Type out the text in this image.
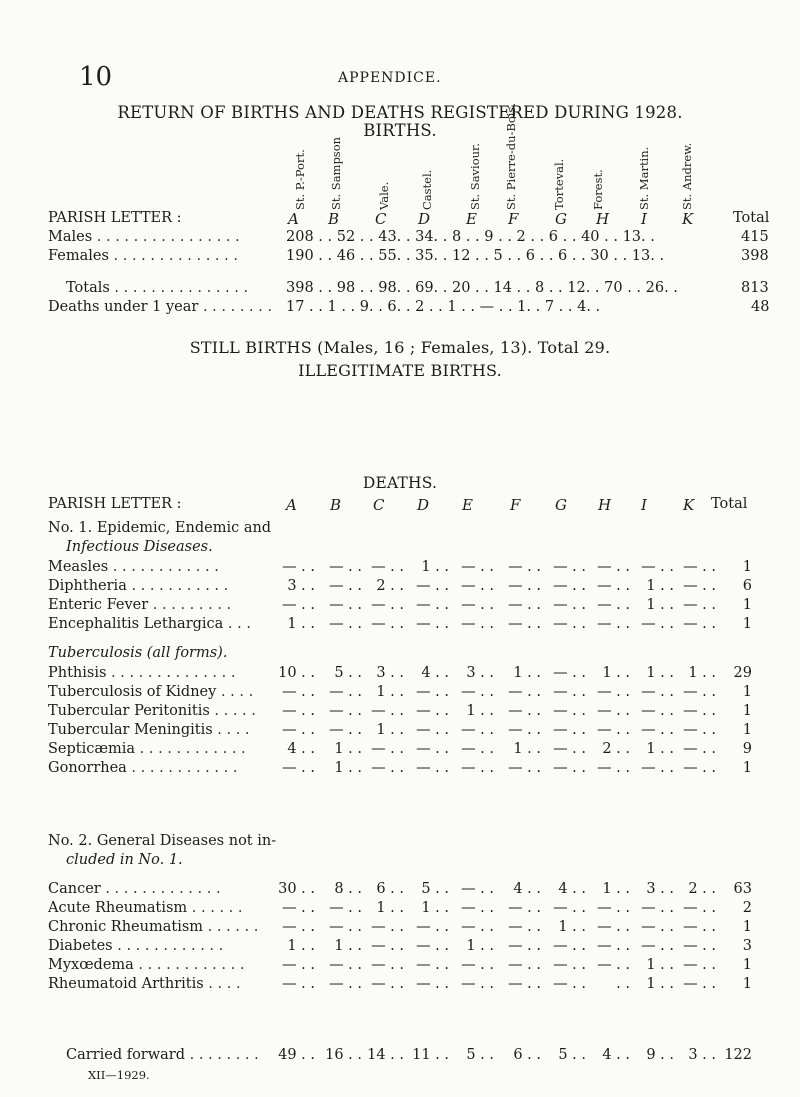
10	APPENDICE.
RETURN OF BIRTHS AND DEATHS REGISTERED DURING 1928.
BIRTHS.
St. P.-Port. St. Sampson	Vale.	Castel.	St. Saviour. St. Pierre-du-Bois.	Torteval. Forest.	St. Martin.	St. Andrew.
PARISH LETTER :	A B C D E F G H I K	Total
Males . . . . . . . . . . . . . . . .	208 . . 52 . . 43. . 34. . 8 . . 9 . . 2 . . 6 . . 40 . . 13. .	415
Females . . . . . . . . . . . . . .	190 . . 46 . . 55. . 35. . 12 . . 5 . . 6 . . 6 . . 30 . . 13. .	398
Totals . . . . . . . . . . . . . . .	398 . . 98 . . 98. . 69. . 20 . . 14 . . 8 . . 12. . 70 . . 26. .	813
Deaths under 1 year . . . . . . . . 17 . . 1 . . 9. . 6. . 2 . . 1 . . — . . 1. . 7 . . 4. .	48
STILL BIRTHS (Males, 16 ; Females, 13). Total 29.
ILLEGITIMATE BIRTHS.
DEATHS.
PARISH LETTER :	A B C D E F G H I K Total
No. 1. Epidemic, Endemic and
Infectious Diseases.
Tuberculosis (all forms).
No. 2. General Diseases not in-
cluded in No. 1.
Measles . . . . . . . . . . . .	— . . — . . — . .	1 . . — . . — . . — . . — . . — . . — . .	1
Diphtheria . . . . . . . . . . .	3 . . — . . 2 . . — . . — . . — . . — . . — . .	1 . . — . .	6
Enteric Fever . . . . . . . . .	— . . — . . — . . — . . — . . — . . — . . — . .	1 . . — . .	1
Encephalitis Lethargica . . .	1 . . — . . — . . — . . — . . — . . — . . — . . — . . — . .	1
Phthisis . . . . . . . . . . . . . .	10 . .	5 . . 3 . .	4 . .	3 . .	1 . . — . .	1 . .	1 . . 1 . .	29
Tuberculosis of Kidney . . . .	— . . — . . 1 . . — . . — . . — . . — . . — . . — . . — . .	1
Tubercular Peritonitis . . . . .	— . . — . . — . . — . .	1 . . — . . — . . — . . — . . — . .	1
Tubercular Meningitis . . . .	— . . — . . 1 . . — . . — . . — . . — . . — . . — . . — . .	1
Septicæmia . . . . . . . . . . . .	4 . .	1 . . — . . — . . — . .	1 . . — . .	2 . .	1 . . — . .	9
Gonorrhea . . . . . . . . . . . .	— . .	1 . . — . . — . . — . . — . . — . . — . . — . . — . .	1
Cancer . . . . . . . . . . . . .	30 . .	8 . . 6 . .	5 . . — . .	4 . .	4 . .	1 . .	3 . . 2 . .	63
Acute Rheumatism . . . . . .	— . . — . . 1 . .	1 . . — . . — . . — . . — . . — . . — . .	2
Chronic Rheumatism . . . . . .	— . . — . . — . . — . . — . . — . .	1 . . — . . — . . — . .	1
Diabetes . . . . . . . . . . . .	1 . .	1 . . — . . — . .	1 . . — . . — . . — . . — . . — . .	3
Myxœdema . . . . . . . . . . . .	— . . — . . — . . — . . — . . — . . — . . — . .	1 . . — . .	1
Rheumatoid Arthritis . . . .	— . . — . . — . . — . . — . . — . . — . .	. .	1 . . — . .	1
Carried forward . . . . . . . . 49 . . 16 . . 14 . . 11 . .	5 . .	6 . .	5 . .	4 . .	9 . . 3 . . 122
XII—1929.
